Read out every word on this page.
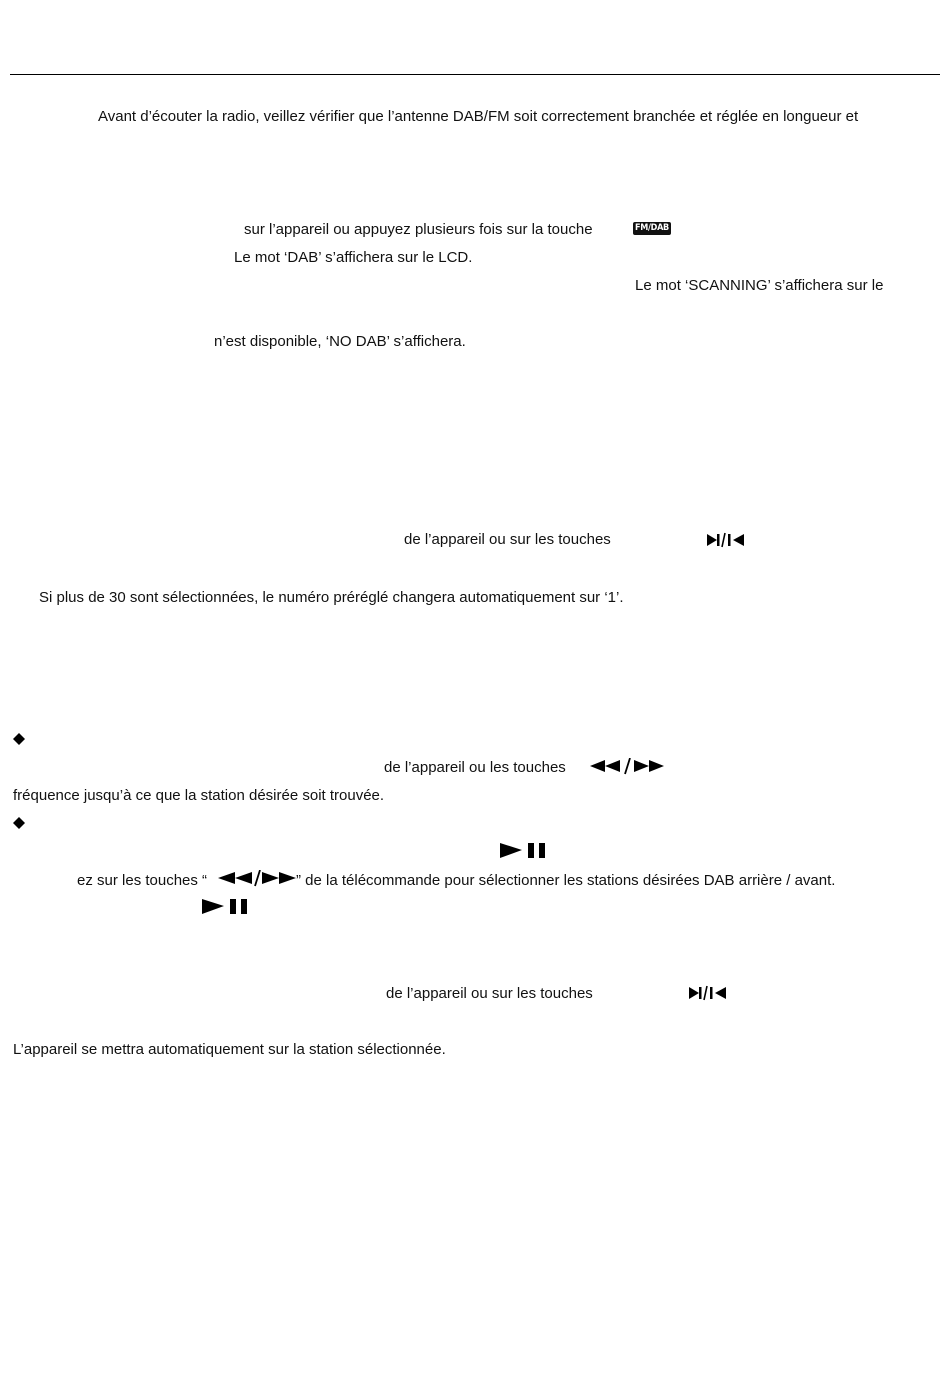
Avant d’écouter la radio, veillez vérifier que l’antenne DAB/FM soit correctement branchée et réglée en longueur et
sur l’appareil ou appuyez plusieurs fois sur la touche	FM/DAB
Le mot ‘DAB’ s’affichera sur le LCD.
Le mot ‘SCANNING’ s’affichera sur le
n’est disponible, ‘NO DAB’ s’affichera.
de l’appareil ou sur les touches
Si plus de 30 sont sélectionnées, le numéro préréglé changera automatiquement sur ‘1’.
de l’appareil ou les touches
fréquence jusqu’à ce que la station désirée soit trouvée.
ez sur les touches “	” de la télécommande pour sélectionner les stations désirées DAB arrière / avant.
de l’appareil ou sur les touches
L’appareil se mettra automatiquement sur la station sélectionnée.
